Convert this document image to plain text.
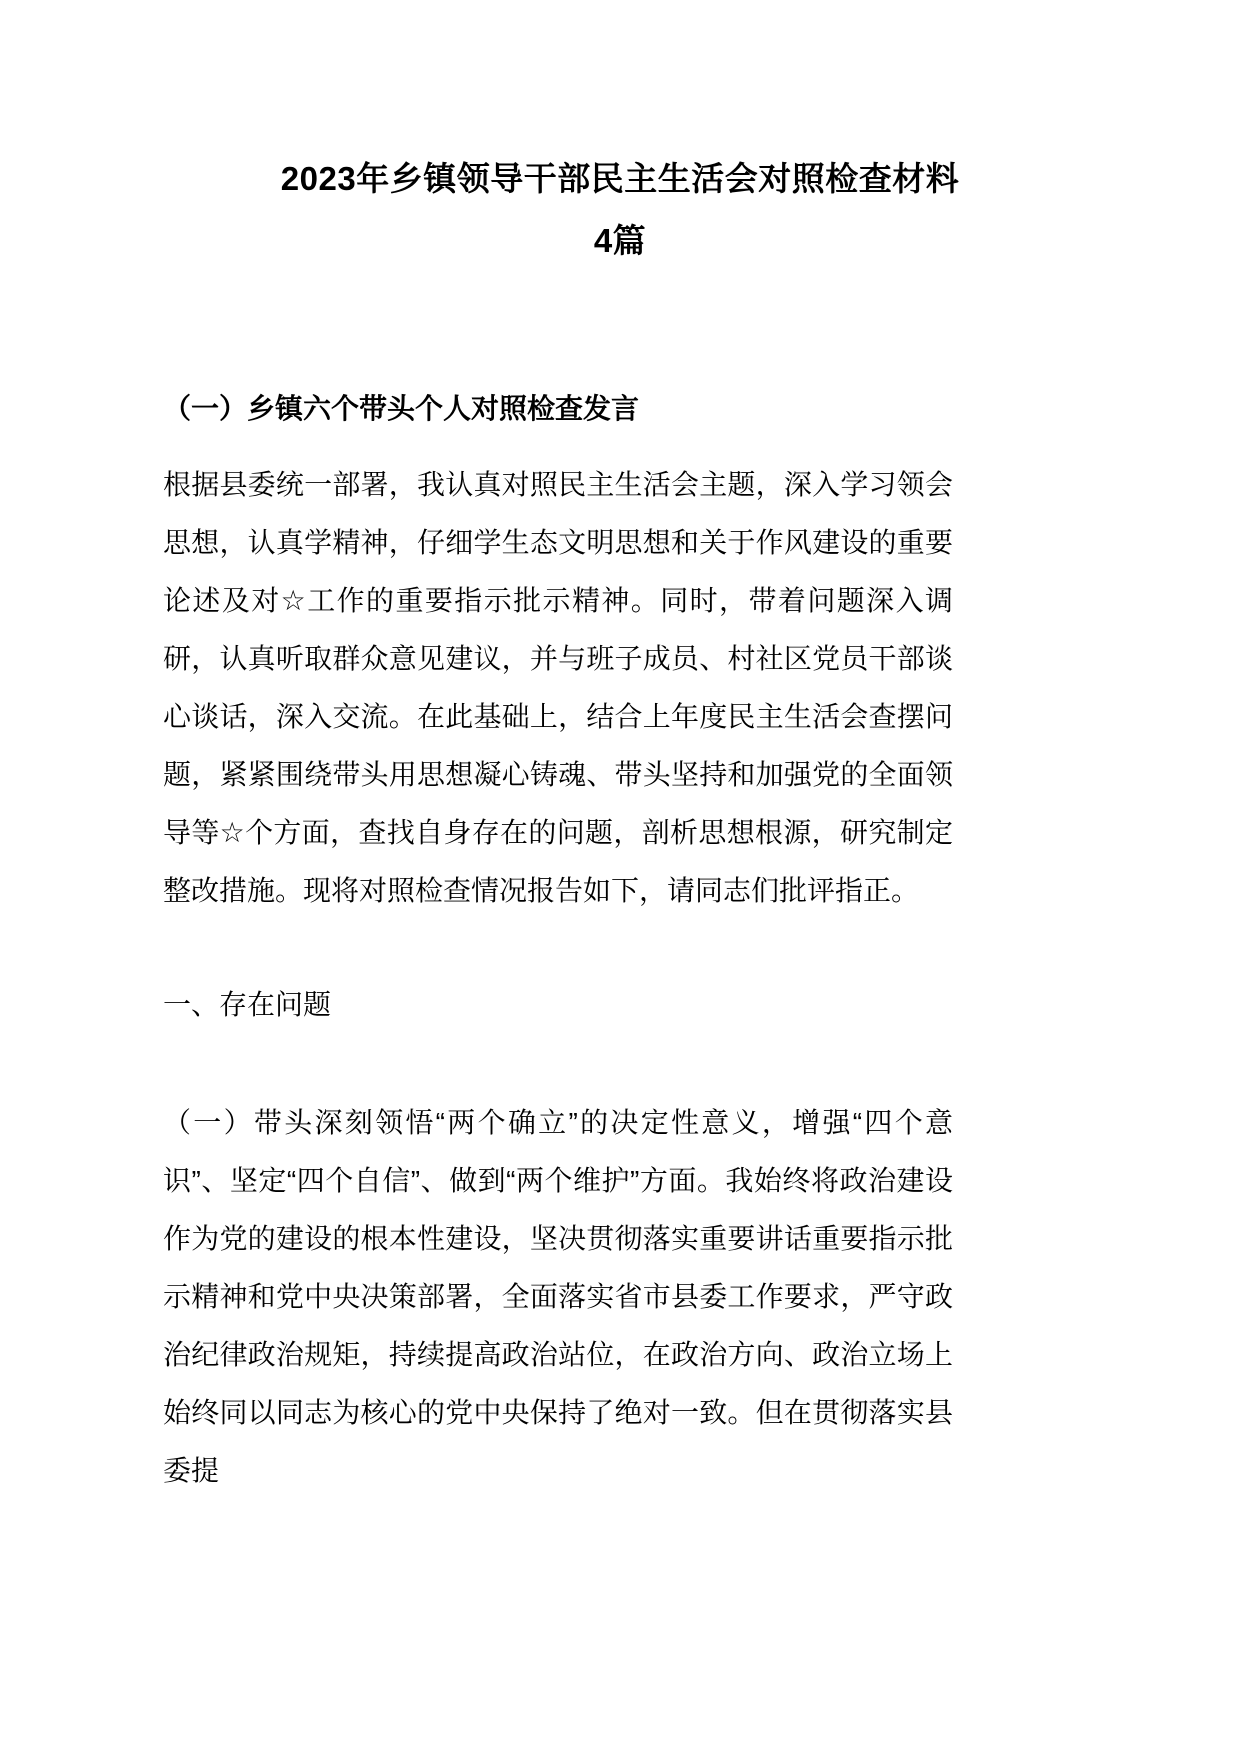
2023年乡镇领导干部民主生活会对照检查材料
4篇

（一）乡镇六个带头个人对照检查发言

根据县委统一部署，我认真对照民主生活会主题，深入学习领会思想，认真学精神，仔细学生态文明思想和关于作风建设的重要论述及对☆工作的重要指示批示精神。同时，带着问题深入调研，认真听取群众意见建议，并与班子成员、村社区党员干部谈心谈话，深入交流。在此基础上，结合上年度民主生活会查摆问题，紧紧围绕带头用思想凝心铸魂、带头坚持和加强党的全面领导等☆个方面，查找自身存在的问题，剖析思想根源，研究制定整改措施。现将对照检查情况报告如下，请同志们批评指正。

一、存在问题

（一）带头深刻领悟“两个确立”的决定性意义，增强“四个意识”、坚定“四个自信”、做到“两个维护”方面。我始终将政治建设作为党的建设的根本性建设，坚决贯彻落实重要讲话重要指示批示精神和党中央决策部署，全面落实省市县委工作要求，严守政治纪律政治规矩，持续提高政治站位，在政治方向、政治立场上始终同以同志为核心的党中央保持了绝对一致。但在贯彻落实县委提
